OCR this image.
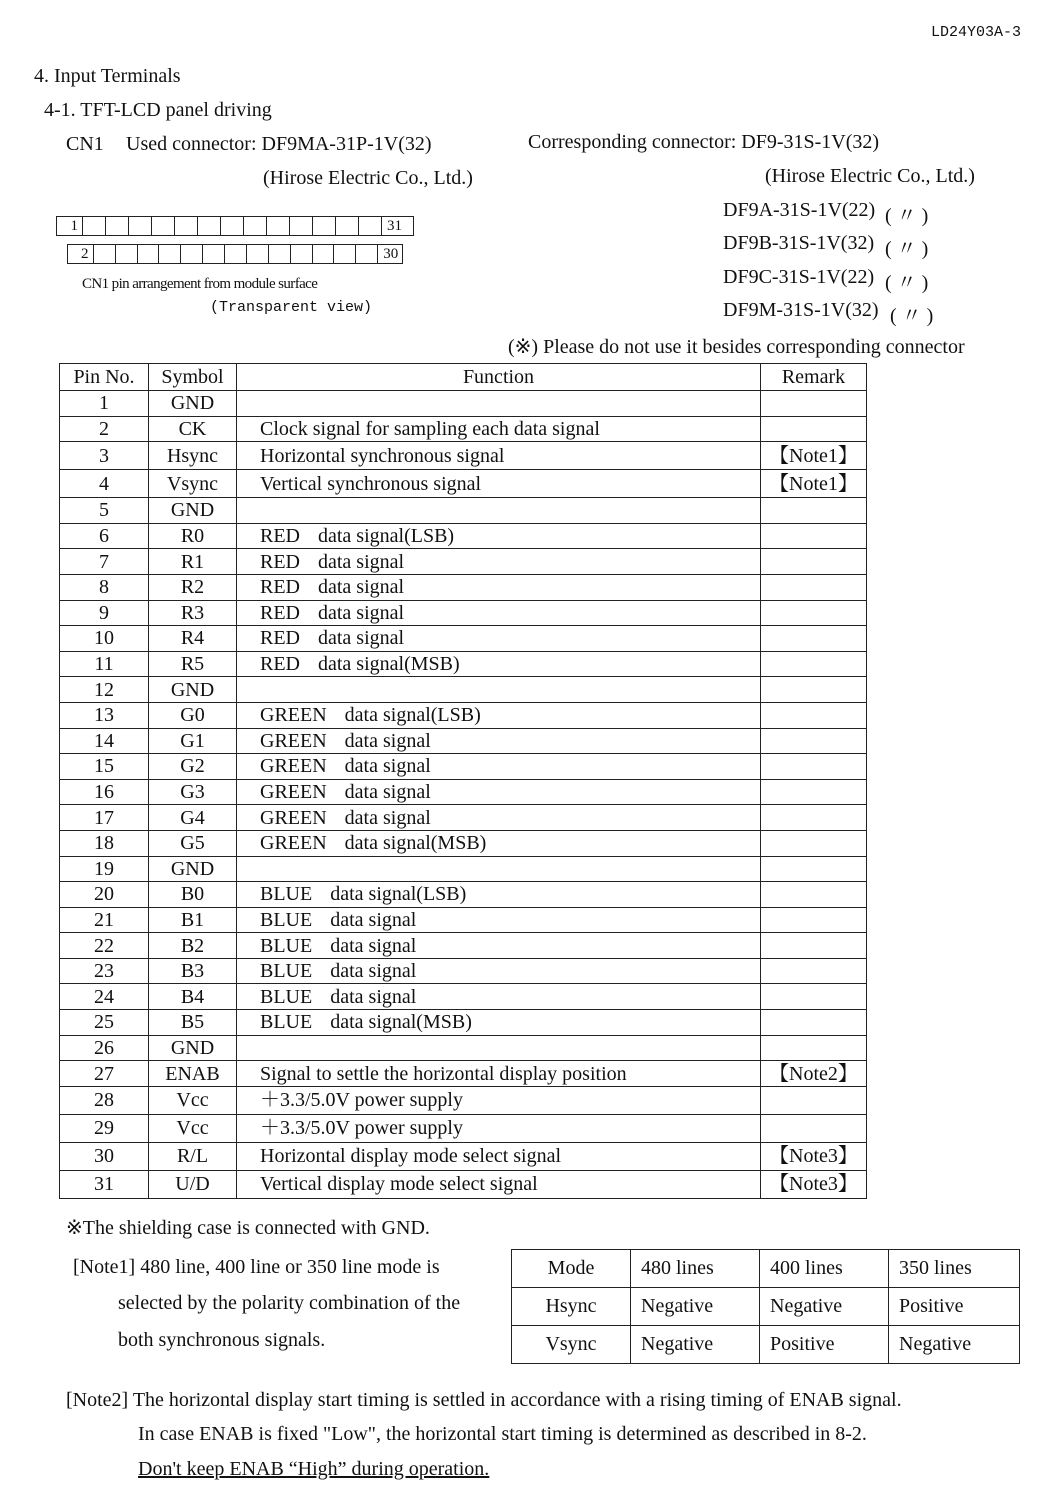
LD24Y03A-3
4. Input Terminals
4-1. TFT-LCD panel driving
CN1 Used connector: DF9MA-31P-1V(32)
(Hirose Electric Co., Ltd.)
Corresponding connector: DF9-31S-1V(32)
(Hirose Electric Co., Ltd.)
DF9A-31S-1V(22) ( 〃 )
DF9B-31S-1V(32) ( 〃 )
DF9C-31S-1V(22) ( 〃 )
DF9M-31S-1V(32) ( 〃 )
(※) Please do not use it besides corresponding connector
1	31
2	30
CN1 pin arrangement from module surface
(Transparent view)
Pin No.	Symbol	Function	Remark
1	GND		
2	CK	Clock signal for sampling each data signal	
3	Hsync	Horizontal synchronous signal	【Note1】
4	Vsync	Vertical synchronous signal	【Note1】
5	GND		
6	R0	RED data signal(LSB)	
7	R1	RED data signal	
8	R2	RED data signal	
9	R3	RED data signal	
10	R4	RED data signal	
11	R5	RED data signal(MSB)	
12	GND		
13	G0	GREEN data signal(LSB)	
14	G1	GREEN data signal	
15	G2	GREEN data signal	
16	G3	GREEN data signal	
17	G4	GREEN data signal	
18	G5	GREEN data signal(MSB)	
19	GND		
20	B0	BLUE data signal(LSB)	
21	B1	BLUE data signal	
22	B2	BLUE data signal	
23	B3	BLUE data signal	
24	B4	BLUE data signal	
25	B5	BLUE data signal(MSB)	
26	GND		
27	ENAB	Signal to settle the horizontal display position	【Note2】
28	Vcc	＋3.3/5.0V power supply	
29	Vcc	＋3.3/5.0V power supply	
30	R/L	Horizontal display mode select signal	【Note3】
31	U/D	Vertical display mode select signal	【Note3】
※The shielding case is connected with GND.
[Note1] 480 line, 400 line or 350 line mode is
selected by the polarity combination of the
both synchronous signals.
Mode	480 lines	400 lines	350 lines
Hsync	Negative	Negative	Positive
Vsync	Negative	Positive	Negative
[Note2] The horizontal display start timing is settled in accordance with a rising timing of ENAB signal.
In case ENAB is fixed "Low", the horizontal start timing is determined as described in 8-2.
Don't keep ENAB “High” during operation.
